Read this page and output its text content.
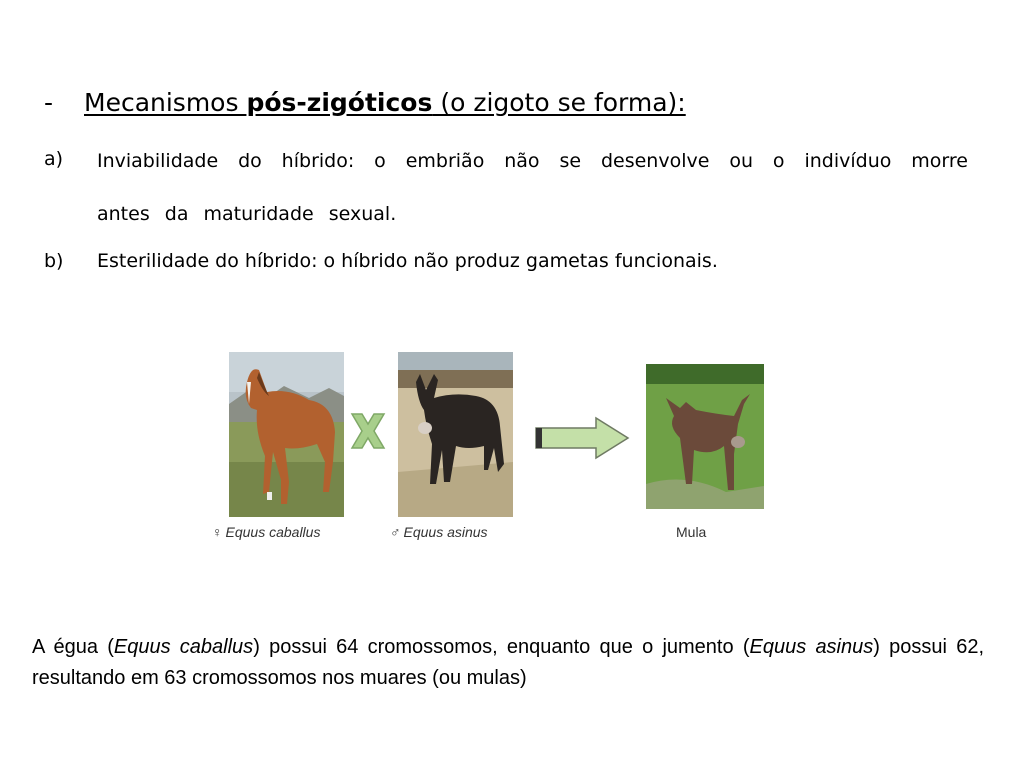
- Mecanismos pós-zigóticos (o zigoto se forma):
a) Inviabilidade do híbrido: o embrião não se desenvolve ou o indivíduo morre antes da maturidade sexual.
b) Esterilidade do híbrido: o híbrido não produz gametas funcionais.
♀ Equus caballus	♂ Equus asinus	Mula
A égua (Equus caballus) possui 64 cromossomos, enquanto que o jumento (Equus asinus) possui 62, resultando em 63 cromossomos nos muares (ou mulas)
